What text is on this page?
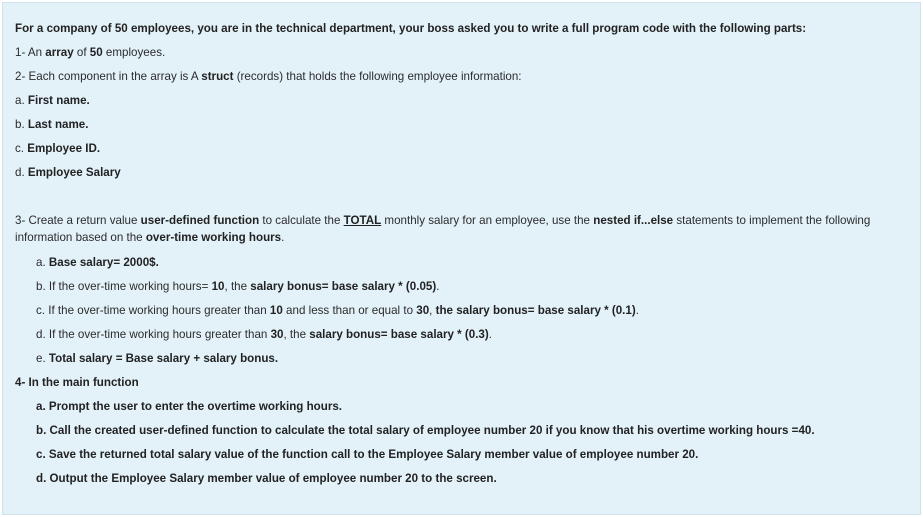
For a company of 50 employees, you are in the technical department, your boss asked you to write a full program code with the following parts:
1- An array of 50 employees.
2- Each component in the array is A struct (records) that holds the following employee information:
a. First name.
b. Last name.
c. Employee ID.
d. Employee Salary
3- Create a return value user-defined function to calculate the TOTAL monthly salary for an employee, use the nested if...else statements to implement the following information based on the over-time working hours.
a. Base salary= 2000$.
b. If the over-time working hours= 10, the salary bonus= base salary * (0.05).
c. If the over-time working hours greater than 10 and less than or equal to 30, the salary bonus= base salary * (0.1).
d. If the over-time working hours greater than 30, the salary bonus= base salary * (0.3).
e. Total salary = Base salary + salary bonus.
4- In the main function
a. Prompt the user to enter the overtime working hours.
b. Call the created user-defined function to calculate the total salary of employee number 20 if you know that his overtime working hours =40.
c. Save the returned total salary value of the function call to the Employee Salary member value of employee number 20.
d. Output the Employee Salary member value of employee number 20 to the screen.
